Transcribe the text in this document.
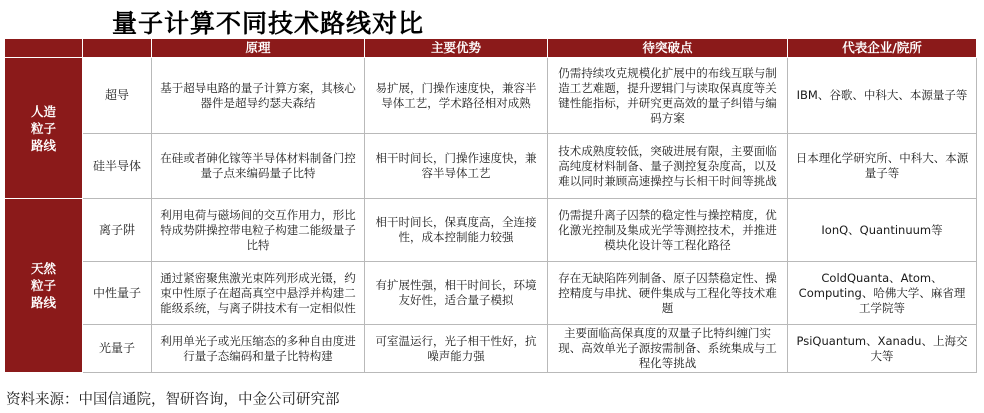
量子计算不同技术路线对比
		原理	主要优势	待突破点	代表企业/院所

人造
粒子
路线	超导	基于超导电路的量子计算方案，其核心器件是超导约瑟夫森结	易扩展，门操作速度快，兼容半导体工艺，学术路径相对成熟	仍需持续攻克规模化扩展中的布线互联与制造工艺难题，提升逻辑门与读取保真度等关键性能指标，并研究更高效的量子纠错与编码方案	IBM、谷歌、中科大、本源量子等
	硅半导体	在硅或者砷化镓等半导体材料制备门控量子点来编码量子比特	相干时间长，门操作速度快，兼容半导体工艺	技术成熟度较低，突破进展有限，主要面临高纯度材料制备、量子测控复杂度高，以及难以同时兼顾高速操控与长相干时间等挑战	日本理化学研究所、中科大、本源量子等

天然
粒子
路线	离子阱	利用电荷与磁场间的交互作用力，形比特成势阱操控带电粒子构建二能级量子比特	相干时间长，保真度高，全连接性，成本控制能力较强	仍需提升离子囚禁的稳定性与操控精度，优化激光控制及集成光学等测控技术，并推进模块化设计等工程化路径	IonQ、Quantinuum等
	中性量子	通过紧密聚焦激光束阵列形成光镊，约束中性原子在超高真空中悬浮并构建二能级系统，与离子阱技术有一定相似性	有扩展性强，相干时间长，环境友好性，适合量子模拟	存在无缺陷阵列制备、原子囚禁稳定性、操控精度与串扰、硬件集成与工程化等技术难题	ColdQuanta、Atom、Computing、哈佛大学、麻省理工学院等
	光量子	利用单光子或光压缩态的多种自由度进行量子态编码和量子比特构建	可室温运行，光子相干性好，抗噪声能力强	主要面临高保真度的双量子比特纠缠门实现、高效单光子源按需制备、系统集成与工程化等挑战	PsiQuantum、Xanadu、上海交大等
资料来源：中国信通院，智研咨询，中金公司研究部
